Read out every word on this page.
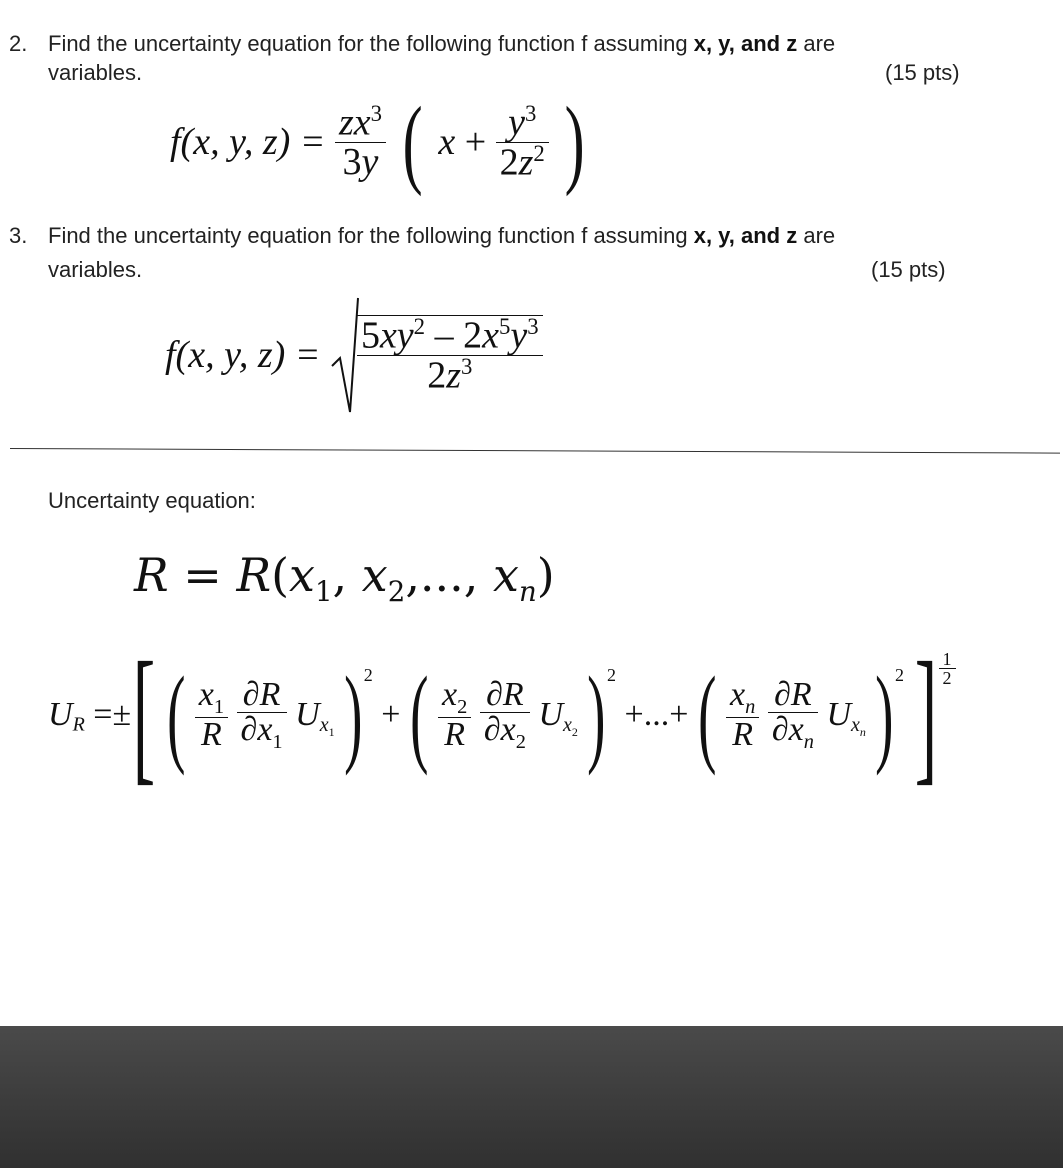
2. Find the uncertainty equation for the following function f assuming x, y, and z are
variables.	(15 pts)
f(x, y, $z) = \frac{zx^3}{3y}$ ( $x + \frac{y^3}{2z^2}$ )
3. Find the uncertainty equation for the following function f assuming x, y, and z are
variables.	(15 pts)
f(x, y, $z) = \frac{5xy^2 - 2x^5y^3}{2z^3}$
Uncertainty equation:
$R = R(x_1$, $x_2$,..., $x_n$)
$U_R$ =±[ ( $\frac{x_1}{R}$
$\frac{\partial R}{\partial x_1} U_{x_1}$ )$^2$ + ( $\frac{x_2}{R}$
$\frac{\partial R}{\partial x_2} U_{x_2}$ )$^2$ +...+ ( $\frac{x_n}{R}$
$\frac{\partial R}{\partial x_n} U_{x_n}$ )$^2$ ] $\frac{1}{2}$
